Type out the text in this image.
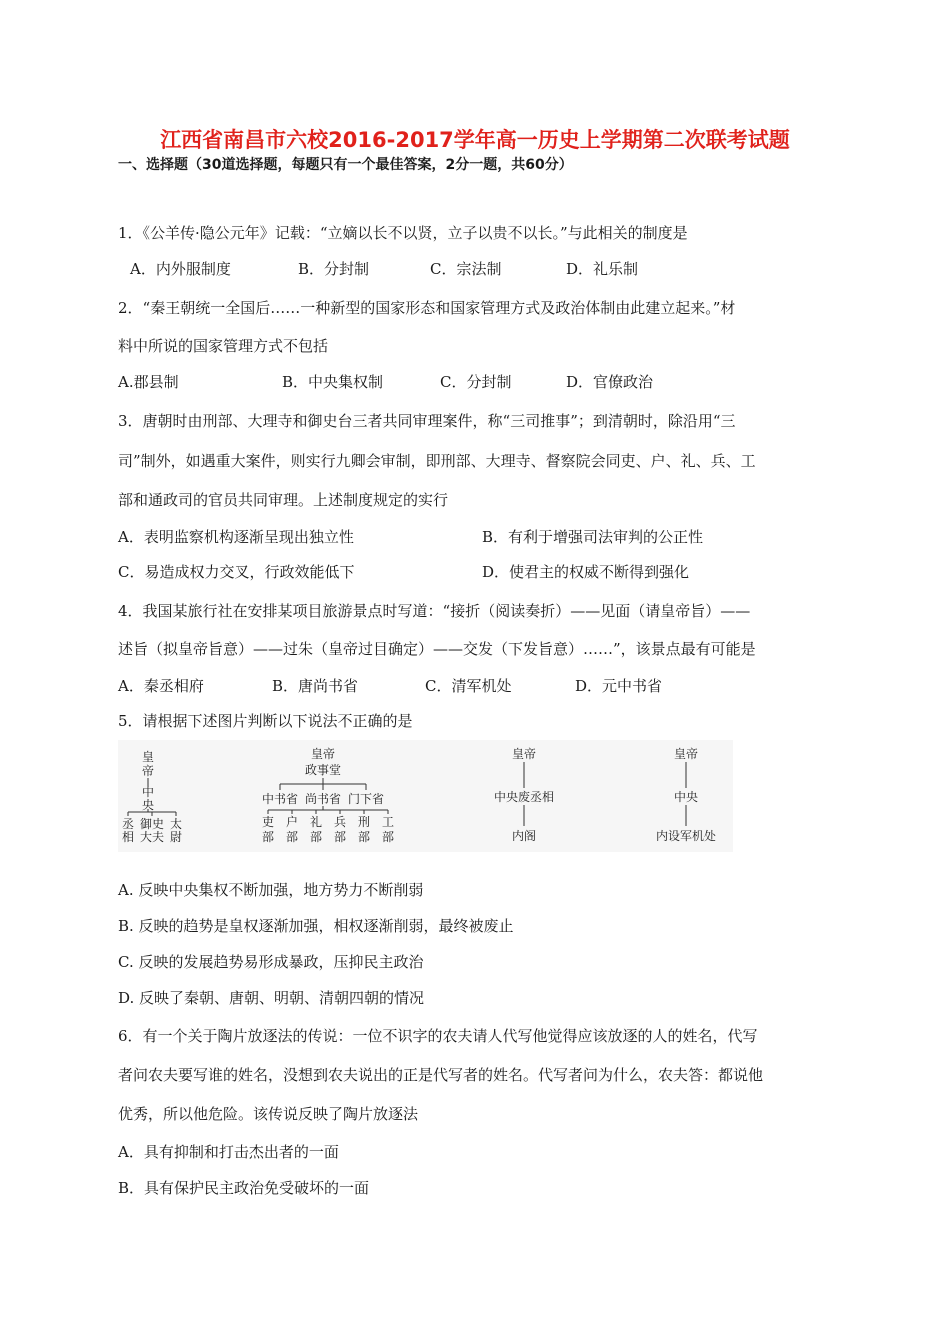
江西省南昌市六校2016-2017学年高一历史上学期第二次联考试题
一、选择题（30道选择题，每题只有一个最佳答案，2分一题，共60分）
1．《公羊传·隐公元年》记载：“立嫡以长不以贤，立子以贵不以长。”与此相关的制度是
A．内外服制度	B．分封制	C．宗法制	D．礼乐制
2．“秦王朝统一全国后……一种新型的国家形态和国家管理方式及政治体制由此建立起来。”材
料中所说的国家管理方式不包括
A.郡县制	B．中央集权制	C．分封制	D．官僚政治
3．唐朝时由刑部、大理寺和御史台三者共同审理案件，称“三司推事”；到清朝时，除沿用“三
司”制外，如遇重大案件，则实行九卿会审制，即刑部、大理寺、督察院会同吏、户、礼、兵、工
部和通政司的官员共同审理。上述制度规定的实行
A．表明监察机构逐渐呈现出独立性	B．有利于增强司法审判的公正性
C．易造成权力交叉，行政效能低下	D．使君主的权威不断得到强化
4．我国某旅行社在安排某项目旅游景点时写道：“接折（阅读奏折）——见面（请皇帝旨）——
述旨（拟皇帝旨意）——过朱（皇帝过目确定）——交发（下发旨意）……”，该景点最有可能是
A．秦丞相府	B．唐尚书省	C．清军机处	D．元中书省
5．请根据下述图片判断以下说法不正确的是
皇
帝
中
央
丞
相
御史
大夫
太
尉
皇帝
政事堂
中书省 尚书省 门下省
吏
部
户
部
礼
部
兵
部
刑
部
工
部
皇帝
中央废丞相
内阁
皇帝
中央
内设军机处
A. 反映中央集权不断加强，地方势力不断削弱
B. 反映的趋势是皇权逐渐加强，相权逐渐削弱，最终被废止
C. 反映的发展趋势易形成暴政，压抑民主政治
D. 反映了秦朝、唐朝、明朝、清朝四朝的情况
6．有一个关于陶片放逐法的传说：一位不识字的农夫请人代写他觉得应该放逐的人的姓名，代写
者问农夫要写谁的姓名，没想到农夫说出的正是代写者的姓名。代写者问为什么，农夫答：都说他
优秀，所以他危险。该传说反映了陶片放逐法
A．具有抑制和打击杰出者的一面
B．具有保护民主政治免受破坏的一面
